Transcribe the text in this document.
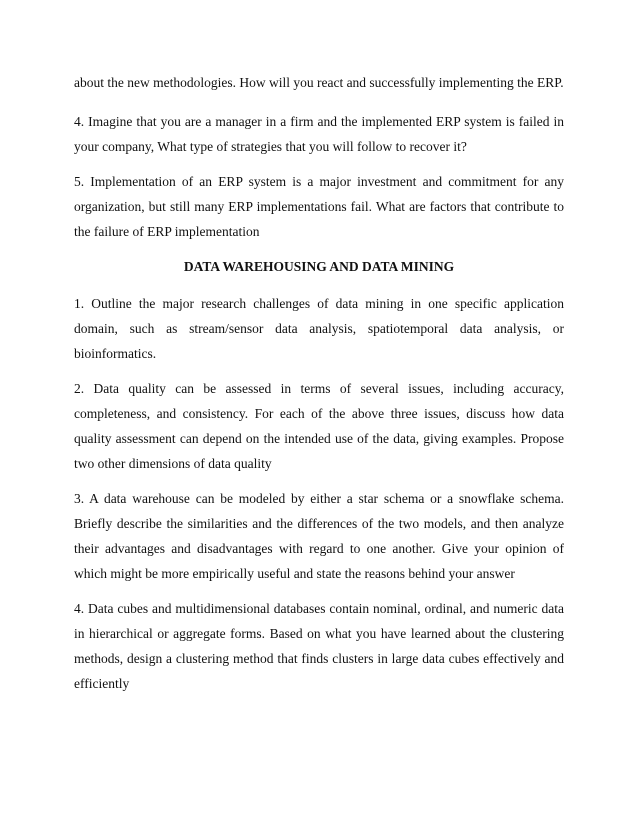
about the new methodologies. How will you react and successfully implementing the ERP.

4. Imagine that you are a manager in a firm and the implemented ERP system is failed in your company, What type of strategies that you will follow to recover it?

5. Implementation of an ERP system is a major investment and commitment for any organization, but still many ERP implementations fail. What are factors that contribute to the failure of ERP implementation

DATA WAREHOUSING AND DATA MINING

1. Outline the major research challenges of data mining in one specific application domain, such as stream/sensor data analysis, spatiotemporal data analysis, or bioinformatics.

2. Data quality can be assessed in terms of several issues, including accuracy, completeness, and consistency. For each of the above three issues, discuss how data quality assessment can depend on the intended use of the data, giving examples. Propose two other dimensions of data quality

3. A data warehouse can be modeled by either a star schema or a snowflake schema. Briefly describe the similarities and the differences of the two models, and then analyze their advantages and disadvantages with regard to one another. Give your opinion of which might be more empirically useful and state the reasons behind your answer

4. Data cubes and multidimensional databases contain nominal, ordinal, and numeric data in hierarchical or aggregate forms. Based on what you have learned about the clustering methods, design a clustering method that finds clusters in large data cubes effectively and efficiently
